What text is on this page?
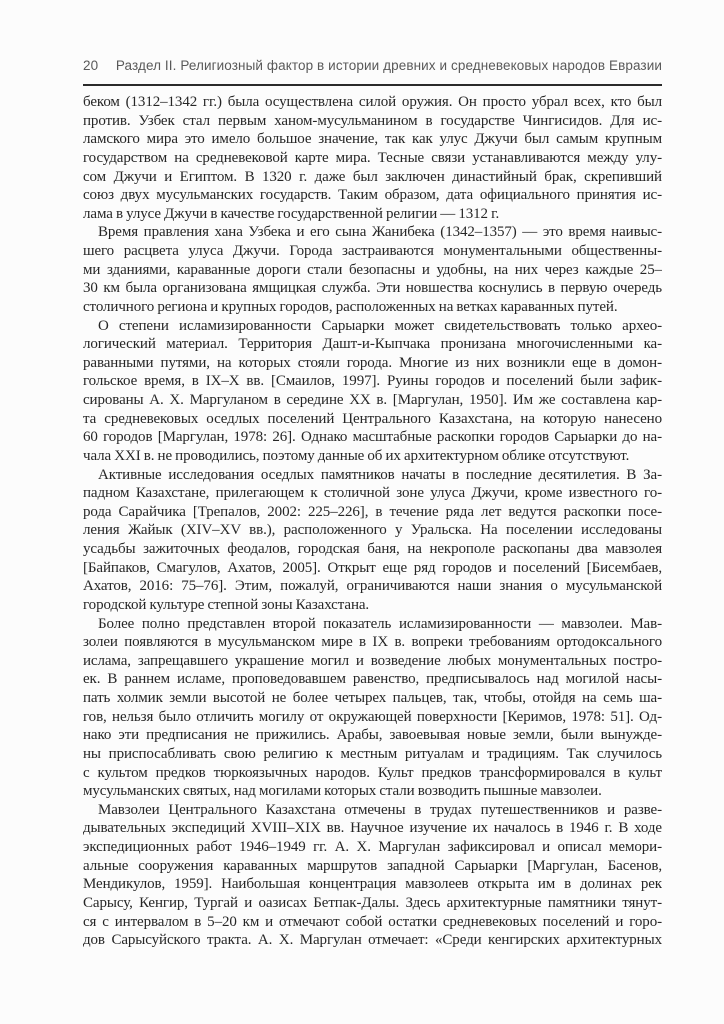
20 Раздел II. Религиозный фактор в истории древних и средневековых народов Евразии

беком (1312–1342 гг.) была осуществлена силой оружия. Он просто убрал всех, кто был
против. Узбек стал первым ханом-мусульманином в государстве Чингисидов. Для ис-
ламского мира это имело большое значение, так как улус Джучи был самым крупным
государством на средневековой карте мира. Тесные связи устанавливаются между улу-
сом Джучи и Египтом. В 1320 г. даже был заключен династийный брак, скрепивший
союз двух мусульманских государств. Таким образом, дата официального принятия ис-
лама в улусе Джучи в качестве государственной религии — 1312 г.

Время правления хана Узбека и его сына Жанибека (1342–1357) — это время наивыс-
шего расцвета улуса Джучи. Города застраиваются монументальными общественны-
ми зданиями, караванные дороги стали безопасны и удобны, на них через каждые 25–
30 км была организована ямщицкая служба. Эти новшества коснулись в первую очередь
столичного региона и крупных городов, расположенных на ветках караванных путей.

О степени исламизированности Сарыарки может свидетельствовать только архео-
логический материал. Территория Дашт-и-Кыпчака пронизана многочисленными ка-
раванными путями, на которых стояли города. Многие из них возникли еще в домон-
гольское время, в IX–X вв. [Смаилов, 1997]. Руины городов и поселений были зафик-
сированы А. Х. Маргуланом в середине XX в. [Маргулан, 1950]. Им же составлена кар-
та средневековых оседлых поселений Центрального Казахстана, на которую нанесено
60 городов [Маргулан, 1978: 26]. Однако масштабные раскопки городов Сарыарки до на-
чала XXI в. не проводились, поэтому данные об их архитектурном облике отсутствуют.

Активные исследования оседлых памятников начаты в последние десятилетия. В За-
падном Казахстане, прилегающем к столичной зоне улуса Джучи, кроме известного го-
рода Сарайчика [Трепалов, 2002: 225–226], в течение ряда лет ведутся раскопки посе-
ления Жайык (XIV–XV вв.), расположенного у Уральска. На поселении исследованы
усадьбы зажиточных феодалов, городская баня, на некрополе раскопаны два мавзолея
[Байпаков, Смагулов, Ахатов, 2005]. Открыт еще ряд городов и поселений [Бисембаев,
Ахатов, 2016: 75–76]. Этим, пожалуй, ограничиваются наши знания о мусульманской
городской культуре степной зоны Казахстана.

Более полно представлен второй показатель исламизированности — мавзолеи. Мав-
золеи появляются в мусульманском мире в IX в. вопреки требованиям ортодоксального
ислама, запрещавшего украшение могил и возведение любых монументальных постро-
ек. В раннем исламе, проповедовавшем равенство, предписывалось над могилой насы-
пать холмик земли высотой не более четырех пальцев, так, чтобы, отойдя на семь ша-
гов, нельзя было отличить могилу от окружающей поверхности [Керимов, 1978: 51]. Од-
нако эти предписания не прижились. Арабы, завоевывая новые земли, были вынужде-
ны приспосабливать свою религию к местным ритуалам и традициям. Так случилось
с культом предков тюркоязычных народов. Культ предков трансформировался в культ
мусульманских святых, над могилами которых стали возводить пышные мавзолеи.

Мавзолеи Центрального Казахстана отмечены в трудах путешественников и разве-
дывательных экспедиций XVIII–XIX вв. Научное изучение их началось в 1946 г. В ходе
экспедиционных работ 1946–1949 гг. А. Х. Маргулан зафиксировал и описал мемори-
альные сооружения караванных маршрутов западной Сарыарки [Маргулан, Басенов,
Мендикулов, 1959]. Наибольшая концентрация мавзолеев открыта им в долинах рек
Сарысу, Кенгир, Тургай и оазисах Бетпак-Далы. Здесь архитектурные памятники тянут-
ся с интервалом в 5–20 км и отмечают собой остатки средневековых поселений и горо-
дов Сарысуйского тракта. А. Х. Маргулан отмечает: «Среди кенгирских архитектурных
